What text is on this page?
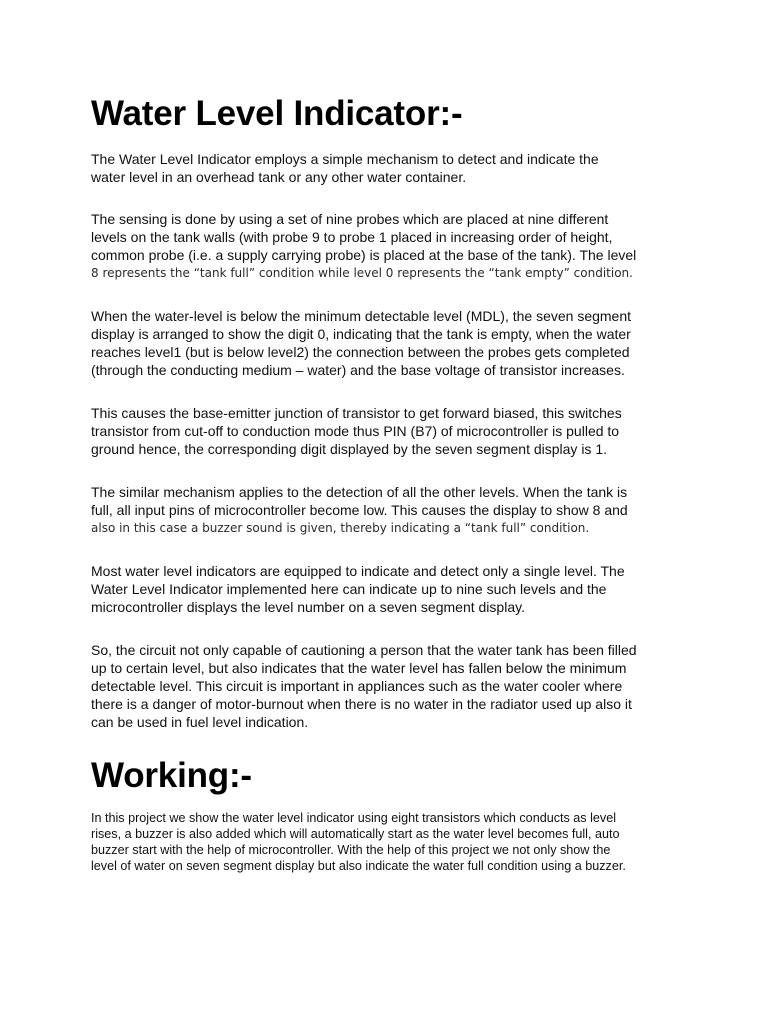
Water Level Indicator:-
The Water Level Indicator employs a simple mechanism to detect and indicate the
water level in an overhead tank or any other water container.
The sensing is done by using a set of nine probes which are placed at nine different
levels on the tank walls (with probe 9 to probe 1 placed in increasing order of height,
common probe (i.e. a supply carrying probe) is placed at the base of the tank). The level
8 represents the “tank full” condition while level 0 represents the “tank empty” condition.
When the water-level is below the minimum detectable level (MDL), the seven segment
display is arranged to show the digit 0, indicating that the tank is empty, when the water
reaches level1 (but is below level2) the connection between the probes gets completed
(through the conducting medium – water) and the base voltage of transistor increases.
This causes the base-emitter junction of transistor to get forward biased, this switches
transistor from cut-off to conduction mode thus PIN (B7) of microcontroller is pulled to
ground hence, the corresponding digit displayed by the seven segment display is 1.
The similar mechanism applies to the detection of all the other levels. When the tank is
full, all input pins of microcontroller become low. This causes the display to show 8 and
also in this case a buzzer sound is given, thereby indicating a “tank full” condition.
Most water level indicators are equipped to indicate and detect only a single level. The
Water Level Indicator implemented here can indicate up to nine such levels and the
microcontroller displays the level number on a seven segment display.
So, the circuit not only capable of cautioning a person that the water tank has been filled
up to certain level, but also indicates that the water level has fallen below the minimum
detectable level. This circuit is important in appliances such as the water cooler where
there is a danger of motor-burnout when there is no water in the radiator used up also it
can be used in fuel level indication.
Working:-
In this project we show the water level indicator using eight transistors which conducts as level
rises, a buzzer is also added which will automatically start as the water level becomes full, auto
buzzer start with the help of microcontroller. With the help of this project we not only show the
level of water on seven segment display but also indicate the water full condition using a buzzer.
